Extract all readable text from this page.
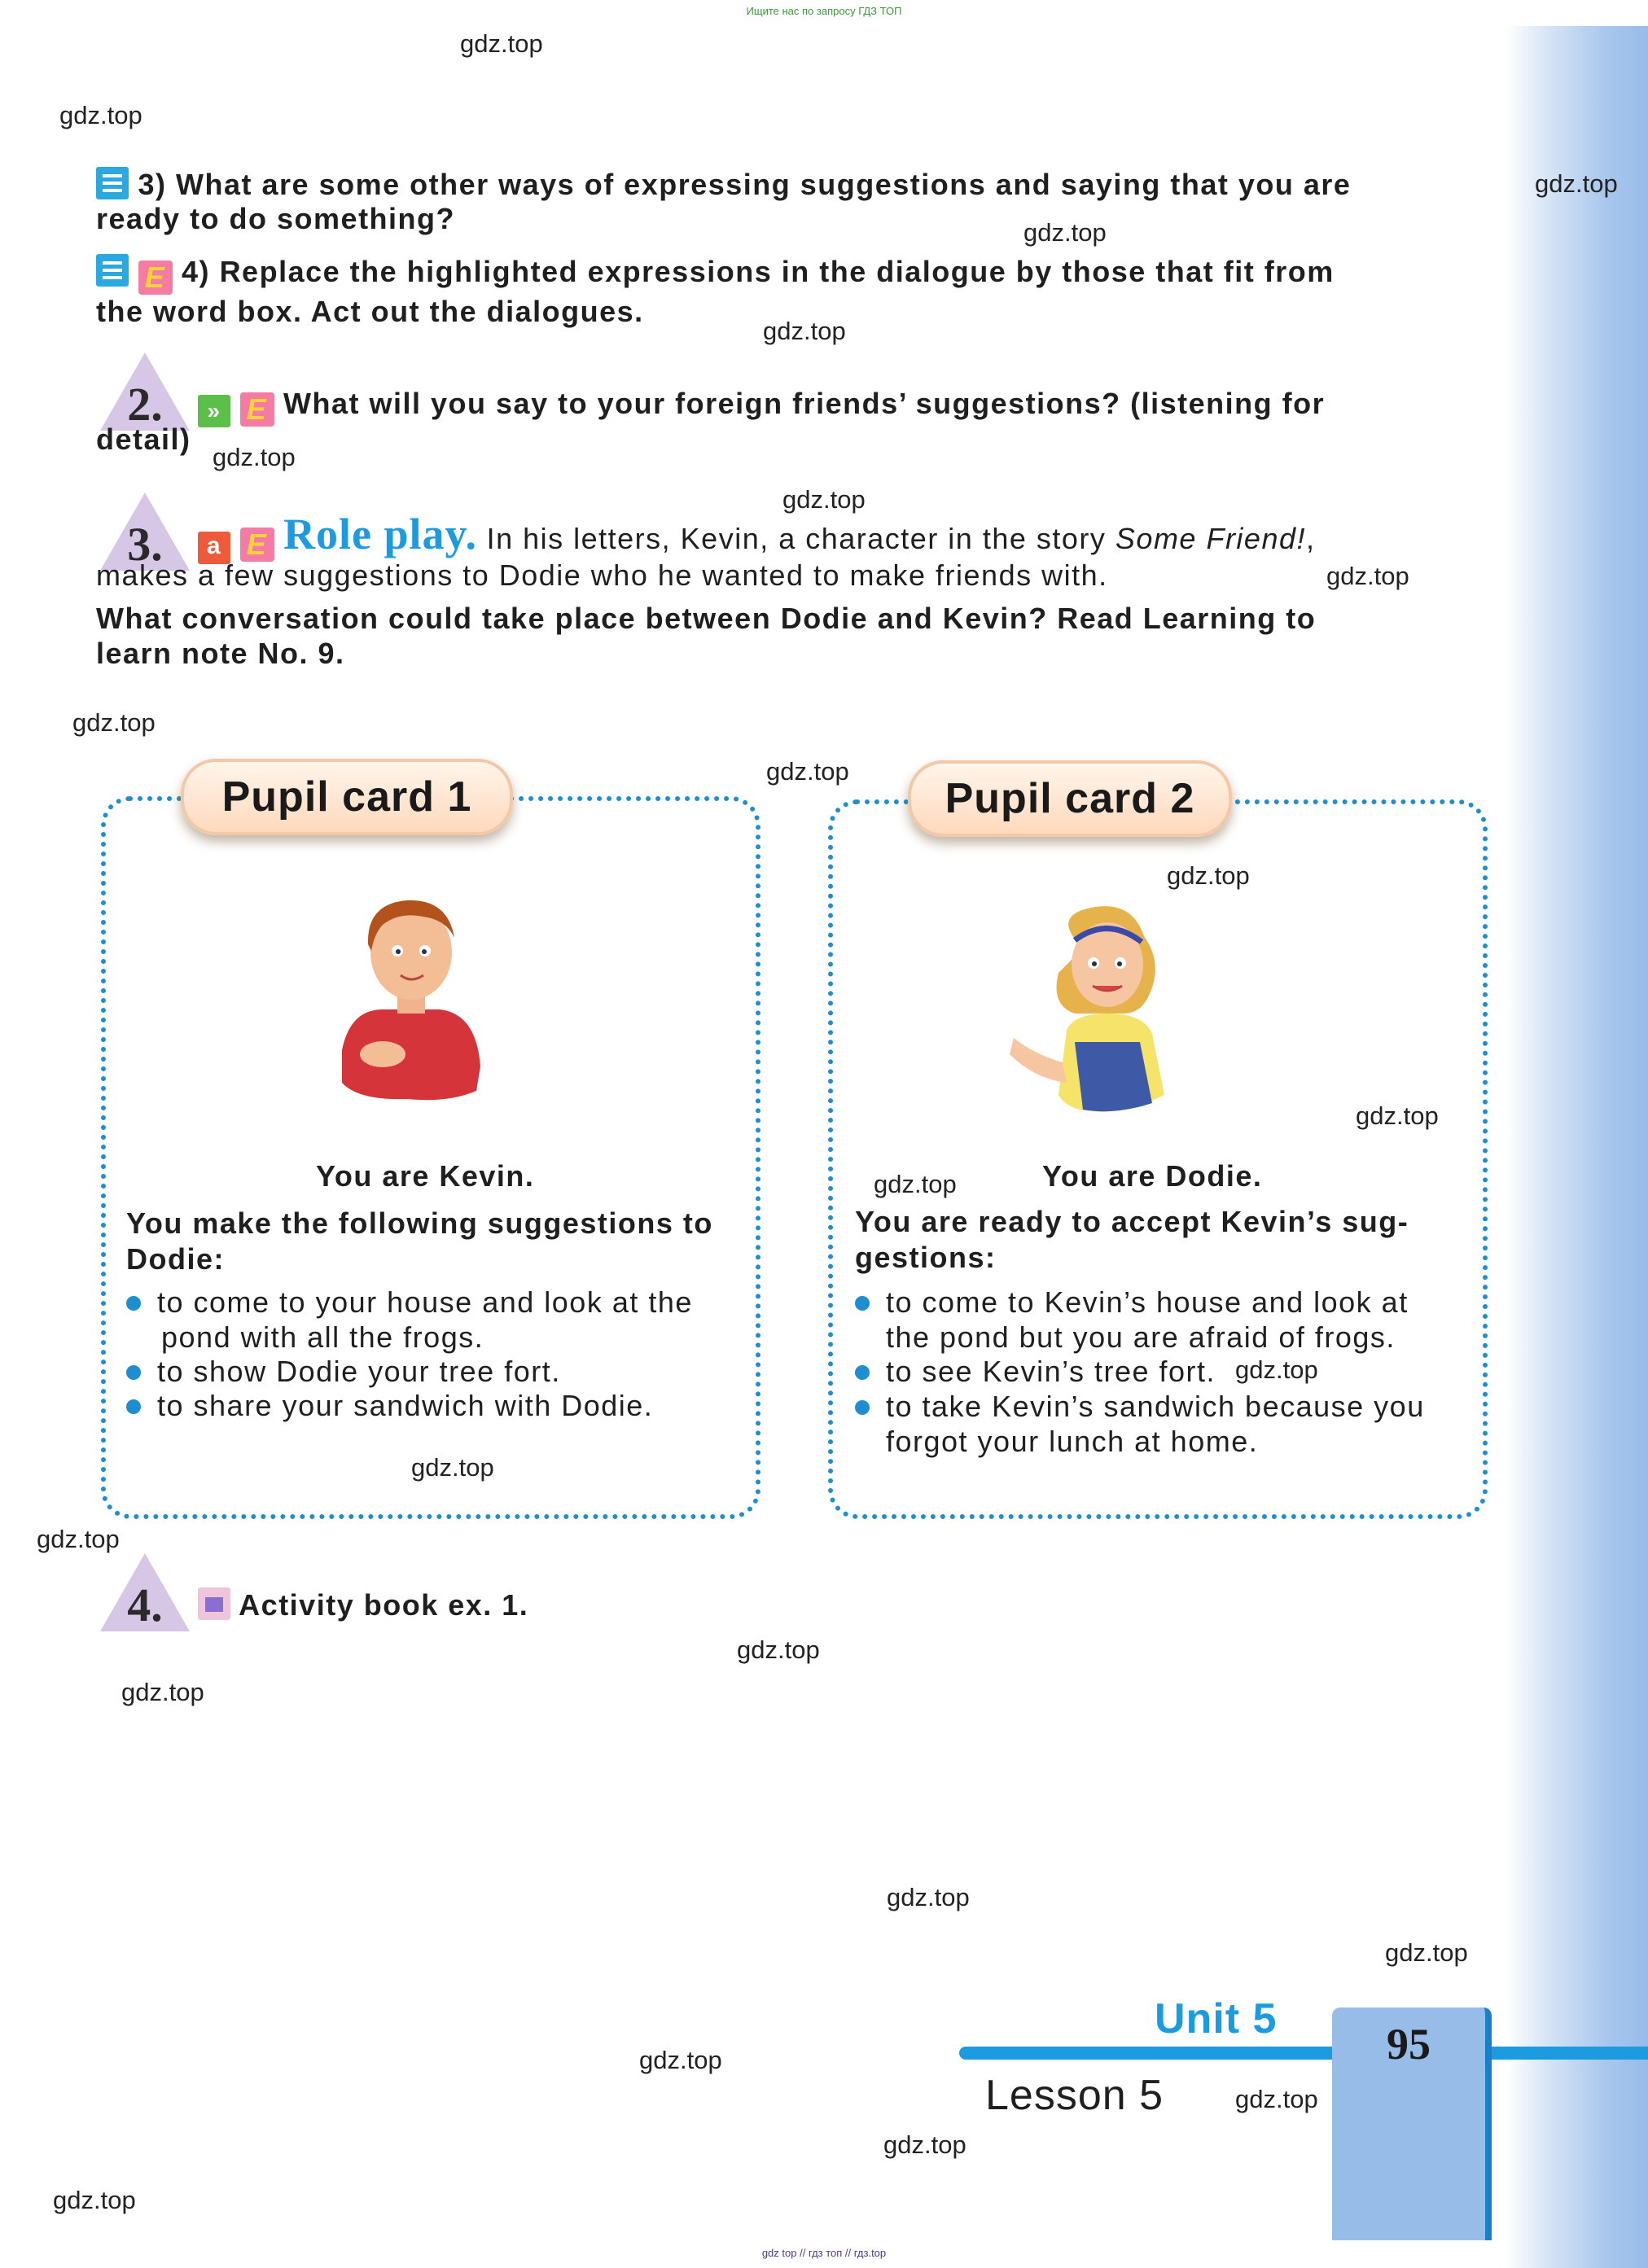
Ищите нас по запросу ГДЗ ТОП
gdz.top
gdz.top
gdz.top
gdz.top
gdz.top
gdz.top
gdz.top
gdz.top
gdz.top
gdz.top
gdz.top
gdz.top
gdz.top
gdz.top
gdz.top
gdz.top
gdz.top
gdz.top
gdz.top
gdz.top
gdz.top
gdz.top
gdz.top
gdz.top
3) What are some other ways of expressing suggestions and saying that you are ready to do something?
E 4) Replace the highlighted expressions in the dialogue by those that fit from the word box. Act out the dialogues.
2.	» E What will you say to your foreign friends’ suggestions? (listening for
detail)
3.	a E Role play. In his letters, Kevin, a character in the story Some Friend!,
makes a few suggestions to Dodie who he wanted to make friends with.
What conversation could take place between Dodie and Kevin? Read Learning to
learn note No. 9.
Pupil card 1
You are Kevin.
You make the following suggestions to
Dodie:
to come to your house and look at the
pond with all the frogs.
to show Dodie your tree fort.
to share your sandwich with Dodie.
Pupil card 2
You are Dodie.
You are ready to accept Kevin’s sug-
gestions:
to come to Kevin’s house and look at
the pond but you are afraid of frogs.
to see Kevin’s tree fort.
to take Kevin’s sandwich because you
forgot your lunch at home.
4.	Activity book ex. 1.
Unit 5
Lesson 5
95
gdz top // гдз топ // гдз.top
